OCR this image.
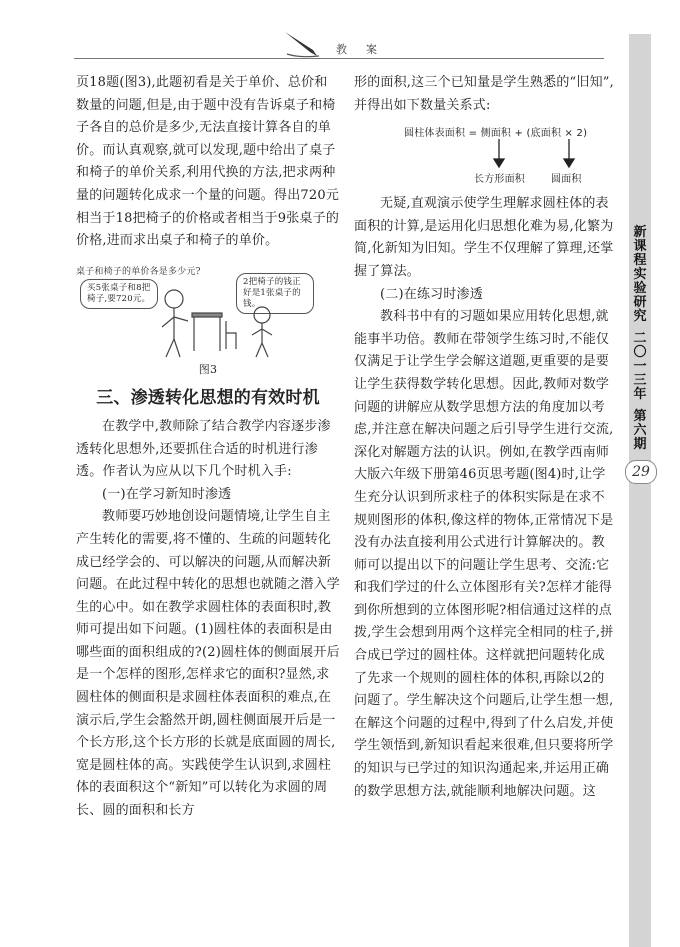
教　案
新
课
程
实
验
研
究
二
〇
一
三
年
第
六
期
29

页18题(图3),此题初看是关于单价、总价和数量的问题,但是,由于题中没有告诉桌子和椅子各自的总价是多少,无法直接计算各自的单价。而认真观察,就可以发现,题中给出了桌子和椅子的单价关系,利用代换的方法,把求两种量的问题转化成求一个量的问题。得出720元相当于18把椅子的价格或者相当于9张桌子的价格,进而求出桌子和椅子的单价。

桌子和椅子的单价各是多少元?
买5张桌子和8把椅子,要720元。
2把椅子的钱正好是1张桌子的钱。
图3
三、渗透转化思想的有效时机

在教学中,教师除了结合教学内容逐步渗透转化思想外,还要抓住合适的时机进行渗透。作者认为应从以下几个时机入手:

(一)在学习新知时渗透

教师要巧妙地创设问题情境,让学生自主产生转化的需要,将不懂的、生疏的问题转化成已经学会的、可以解决的问题,从而解决新问题。在此过程中转化的思想也就随之潜入学生的心中。如在教学求圆柱体的表面积时,教师可提出如下问题。(1)圆柱体的表面积是由哪些面的面积组成的?(2)圆柱体的侧面展开后是一个怎样的图形,怎样求它的面积?显然,求圆柱体的侧面积是求圆柱体表面积的难点,在演示后,学生会豁然开朗,圆柱侧面展开后是一个长方形,这个长方形的长就是底面圆的周长,宽是圆柱体的高。实践使学生认识到,求圆柱体的表面积这个“新知”可以转化为求圆的周长、圆的面积和长方

形的面积,这三个已知量是学生熟悉的“旧知”,并得出如下数量关系式:

圆柱体表面积 = 侧面积 + (底面积 × 2)
长方形面积	圆面积

无疑,直观演示使学生理解求圆柱体的表面积的计算,是运用化归思想化难为易,化繁为简,化新知为旧知。学生不仅理解了算理,还掌握了算法。

(二)在练习时渗透

教科书中有的习题如果应用转化思想,就能事半功倍。教师在带领学生练习时,不能仅仅满足于让学生学会解这道题,更重要的是要让学生获得数学转化思想。因此,教师对数学问题的讲解应从数学思想方法的角度加以考虑,并注意在解决问题之后引导学生进行交流,深化对解题方法的认识。例如,在教学西南师大版六年级下册第46页思考题(图4)时,让学生充分认识到所求柱子的体积实际是在求不规则图形的体积,像这样的物体,正常情况下是没有办法直接利用公式进行计算解决的。教师可以提出以下的问题让学生思考、交流:它和我们学过的什么立体图形有关?怎样才能得到你所想到的立体图形呢?相信通过这样的点拨,学生会想到用两个这样完全相同的柱子,拼合成已学过的圆柱体。这样就把问题转化成了先求一个规则的圆柱体的体积,再除以2的问题了。学生解决这个问题后,让学生想一想,在解这个问题的过程中,得到了什么启发,并使学生领悟到,新知识看起来很难,但只要将所学的知识与已学过的知识沟通起来,并运用正确的数学思想方法,就能顺利地解决问题。这
